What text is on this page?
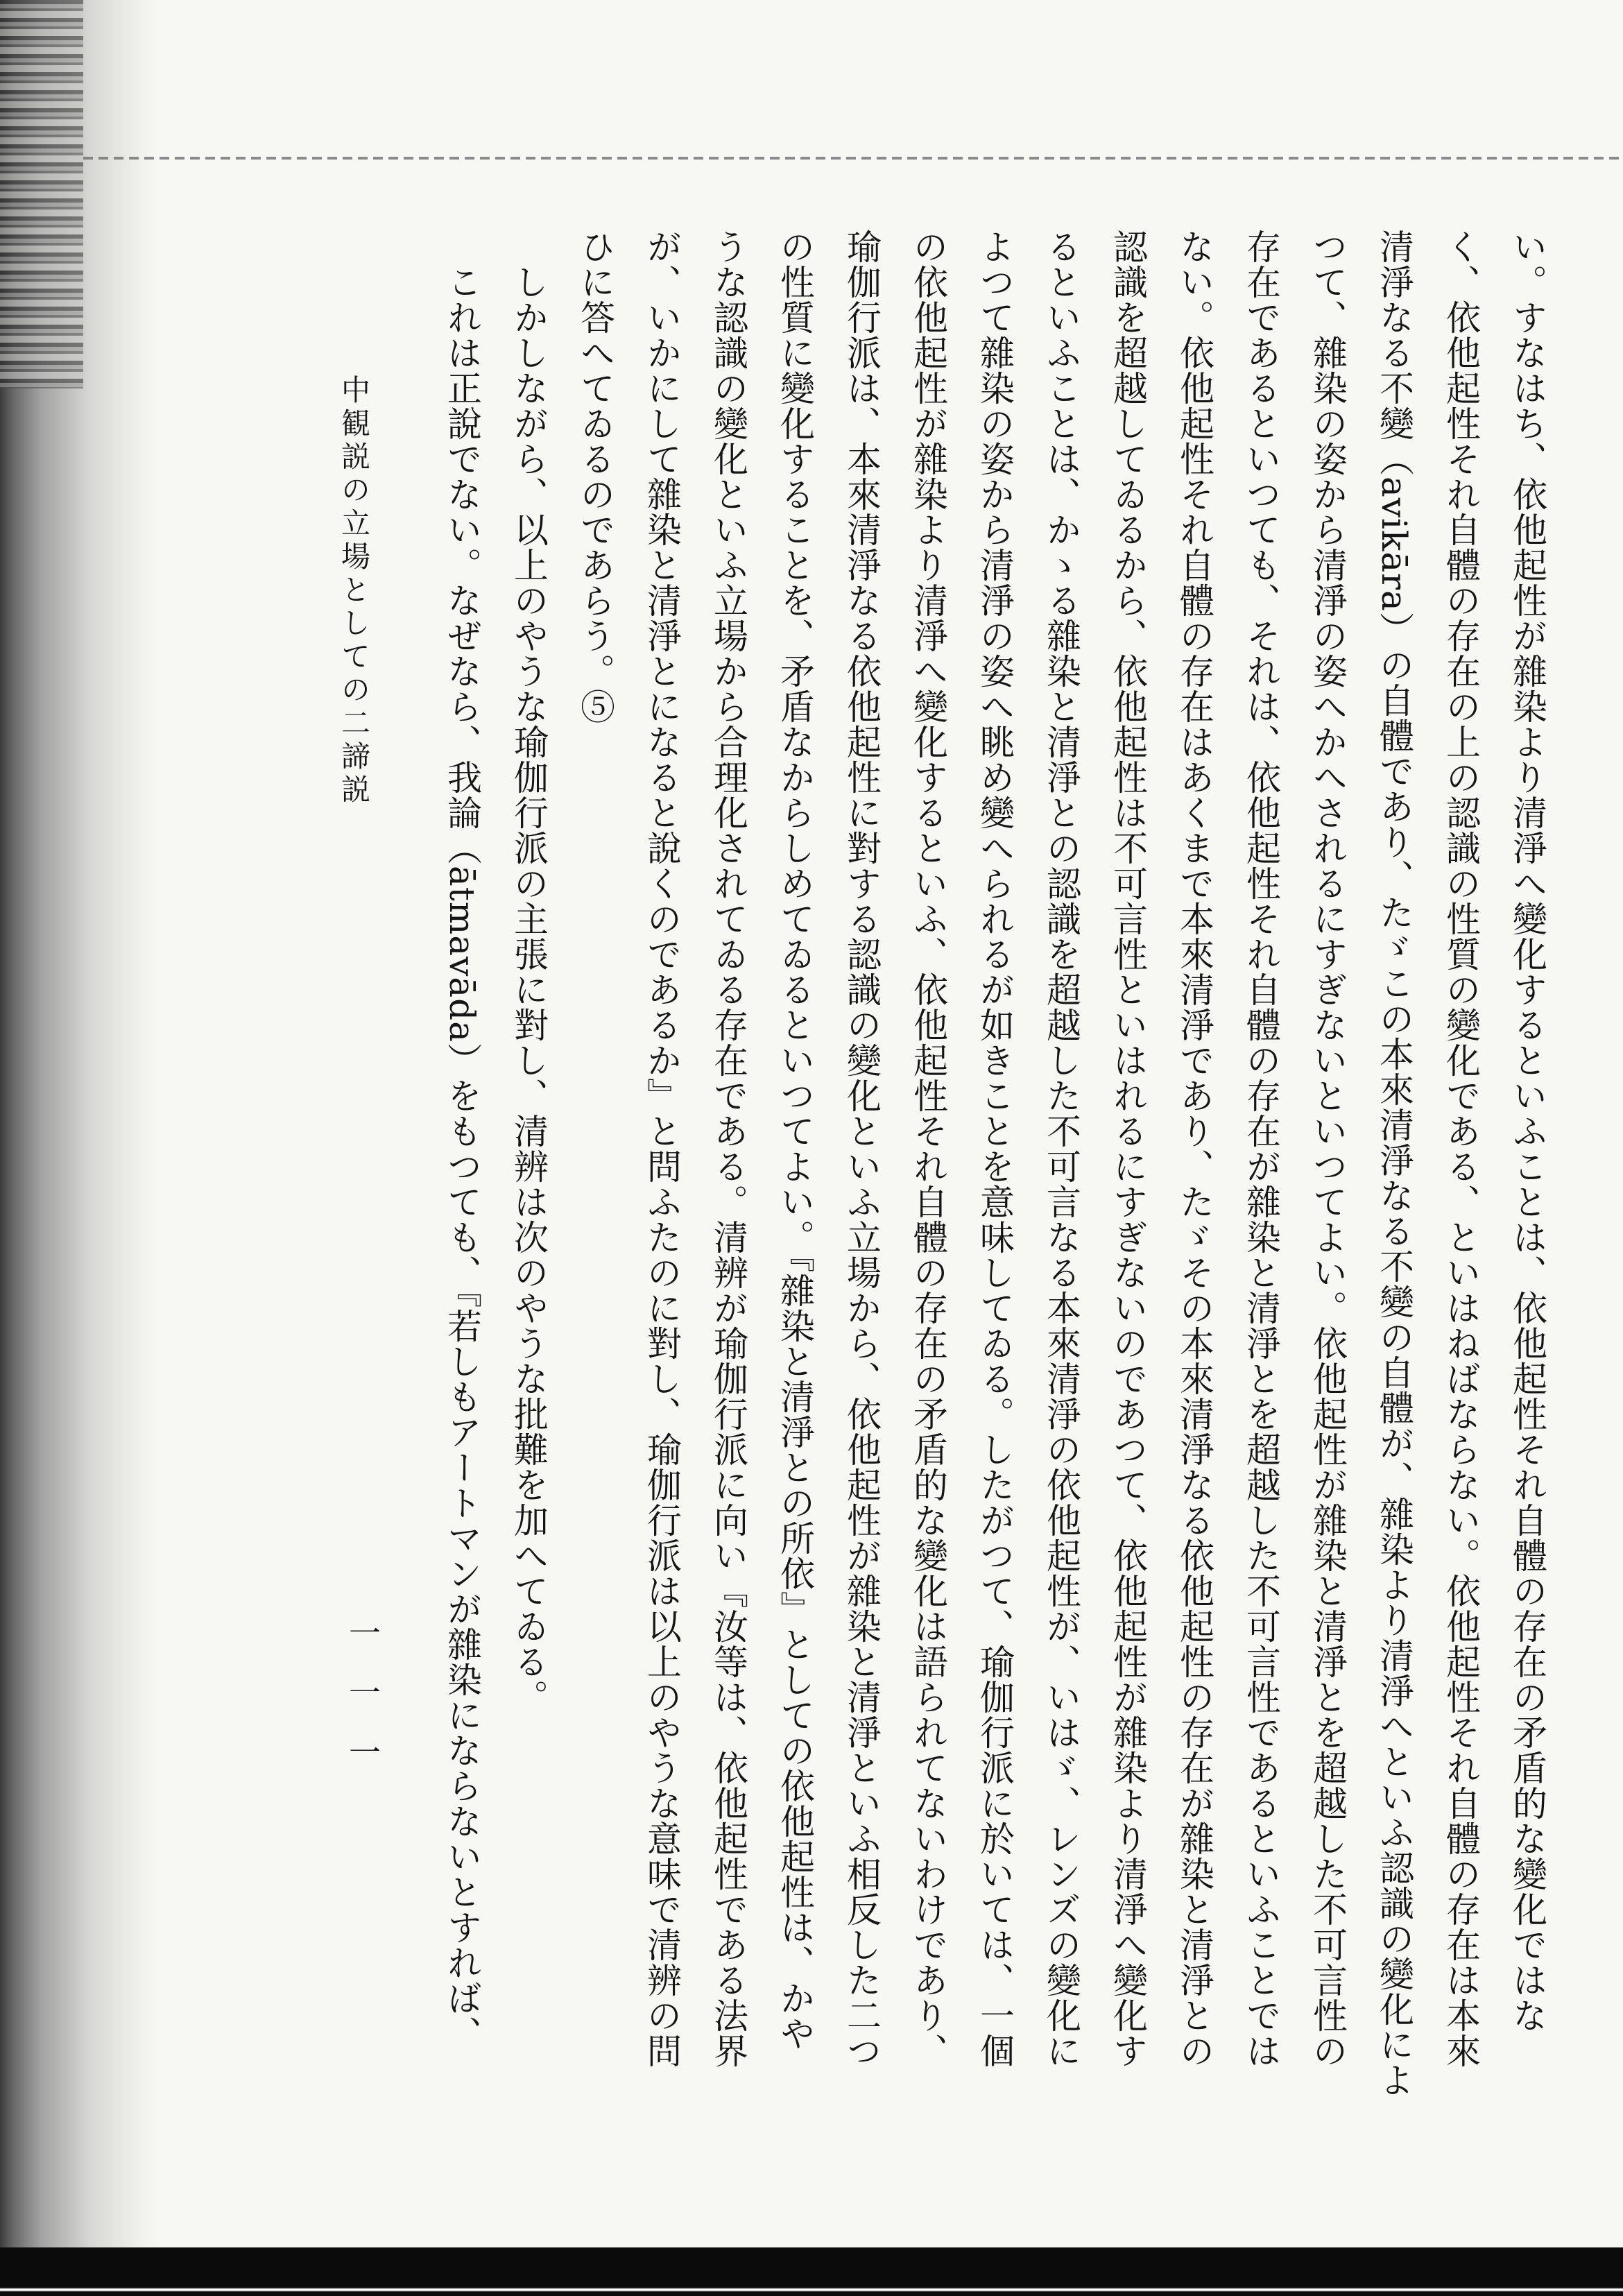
い。すなはち、依他起性が雜染より清淨へ變化するといふことは、依他起性それ自體の存在の矛盾的な變化ではな
く、依他起性それ自體の存在の上の認識の性質の變化である、といはねばならない。依他起性それ自體の存在は本來
清淨なる不變（avikāra）の自體であり、たゞこの本來清淨なる不變の自體が、雜染より清淨へといふ認識の變化によ
つて、雜染の姿から清淨の姿へかへされるにすぎないといつてよい。依他起性が雜染と清淨とを超越した不可言性の
存在であるといつても、それは、依他起性それ自體の存在が雜染と清淨とを超越した不可言性であるといふことでは
ない。依他起性それ自體の存在はあくまで本來清淨であり、たゞその本來清淨なる依他起性の存在が雜染と清淨との
認識を超越してゐるから、依他起性は不可言性といはれるにすぎないのであつて、依他起性が雜染より清淨へ變化す
るといふことは、かゝる雜染と清淨との認識を超越した不可言なる本來清淨の依他起性が、いはゞ、レンズの變化に
よつて雜染の姿から清淨の姿へ眺め變へられるが如きことを意味してゐる。したがつて、瑜伽行派に於いては、一個
の依他起性が雜染より清淨へ變化するといふ、依他起性それ自體の存在の矛盾的な變化は語られてないわけであり、
瑜伽行派は、本來清淨なる依他起性に對する認識の變化といふ立場から、依他起性が雜染と清淨といふ相反した二つ
の性質に變化することを、矛盾なからしめてゐるといつてよい。『雜染と清淨との所依』としての依他起性は、かや
うな認識の變化といふ立場から合理化されてゐる存在である。清辨が瑜伽行派に向い『汝等は、依他起性である法界
が、いかにして雜染と清淨とになると說くのであるか』と問ふたのに對し、瑜伽行派は以上のやうな意味で清辨の問
ひに答へてゐるのであらう。⑤
　しかしながら、以上のやうな瑜伽行派の主張に對し、清辨は次のやうな批難を加へてゐる。
　これは正說でない。なぜなら、我論（ātmavāda）をもつても、『若しもアートマンが雜染にならないとすれば、

中観説の立場としての二諦説
一一一
